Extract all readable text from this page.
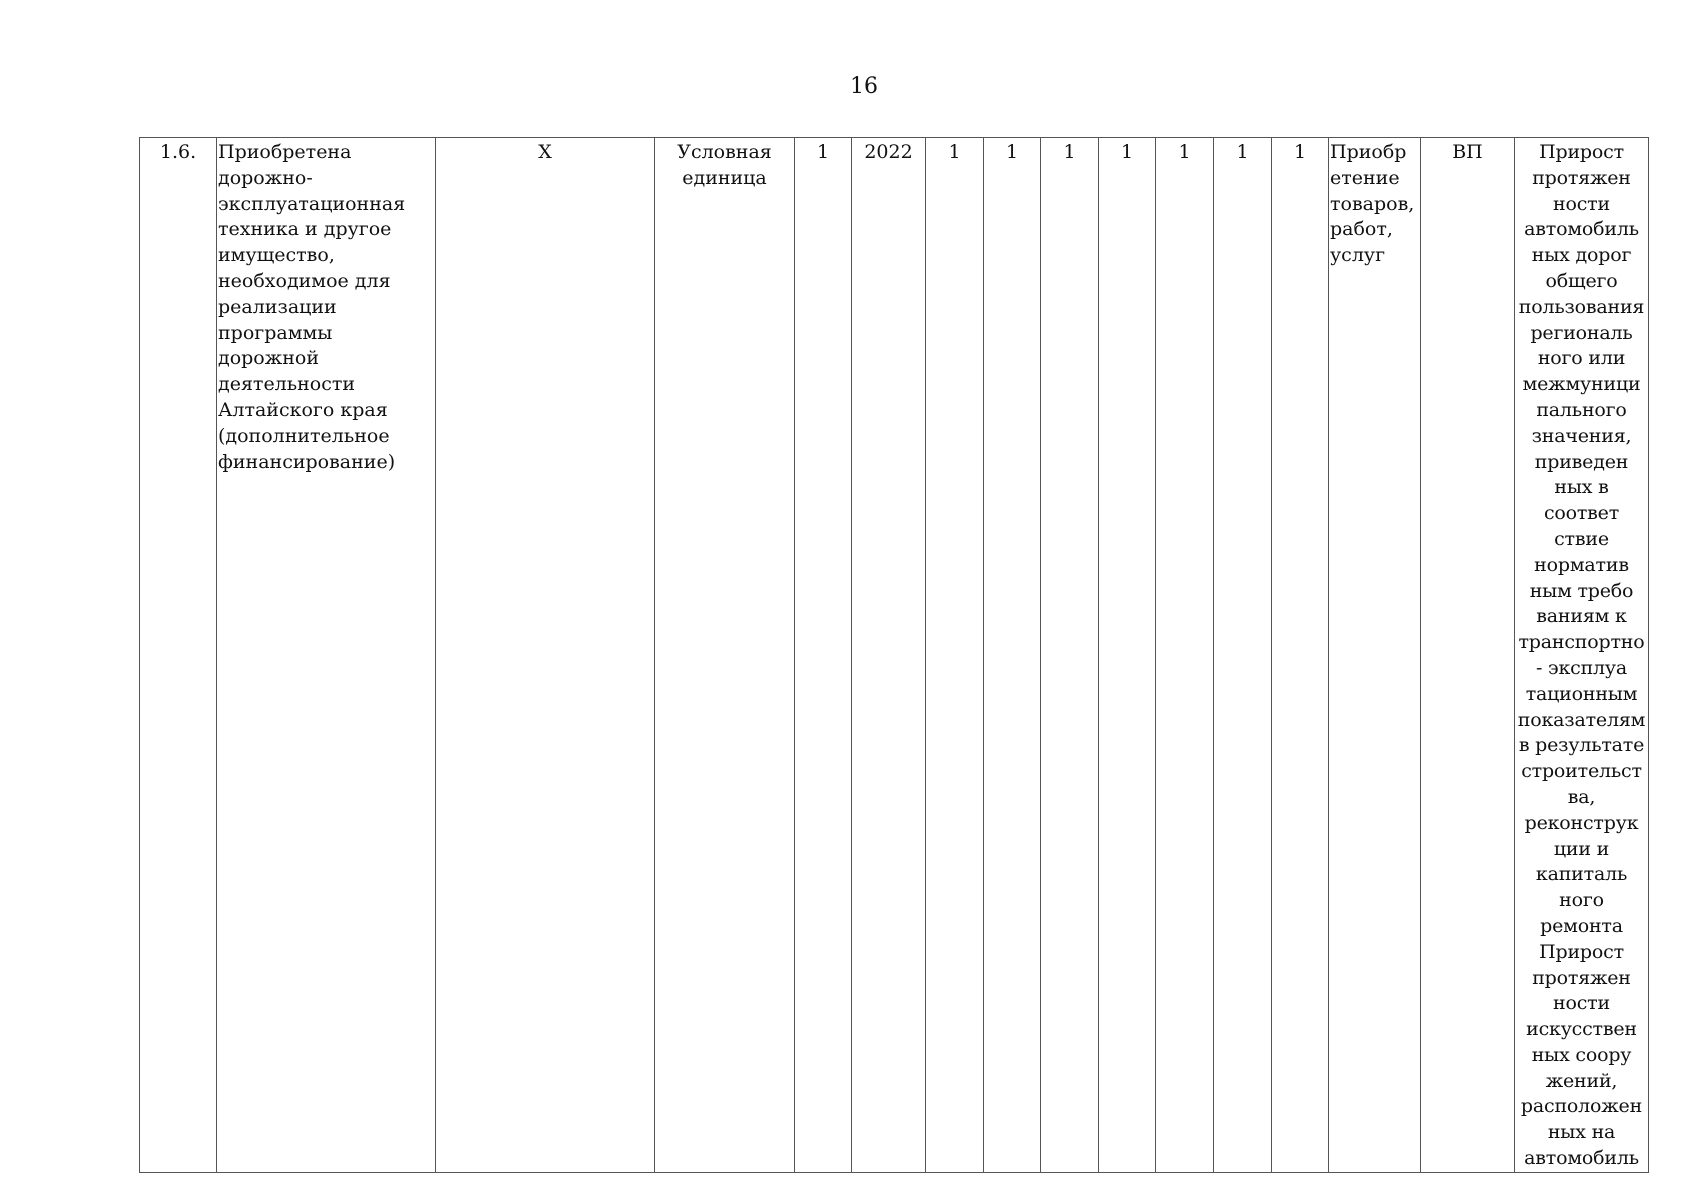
16
1.6.	Приобретена
дорожно-
эксплуатационная
техника и другое
имущество,
необходимое для
реализации
программы
дорожной
деятельности
Алтайского края
(дополнительное
финансирование)	Х	Условная
единица	1	2022	1	1	1	1	1	1	1	Приобр
етение
товаров,
работ,
услуг	ВП	Прирост
протяжен
ности
автомобиль
ных дорог
общего
пользования
региональ
ного или
межмуници
пального
значения,
приведен
ных в
соответ
ствие
норматив
ным требо
ваниям к
транспортно
- эксплуа
тационным
показателям
в результате
строительст
ва,
реконструк
ции и
капиталь
ного
ремонта
Прирост
протяжен
ности
искусствен
ных соору
жений,
расположен
ных на
автомобиль
